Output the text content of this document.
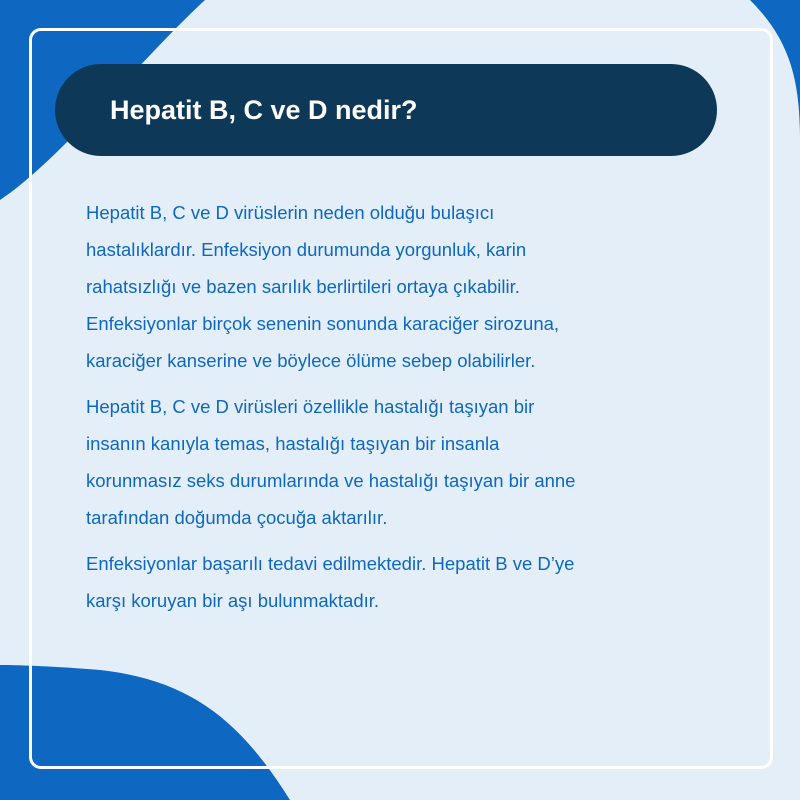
Hepatit B, C ve D nedir?
Hepatit B, C ve D virüslerin neden olduğu bulaşıcı
hastalıklardır. Enfeksiyon durumunda yorgunluk, karin
rahatsızlığı ve bazen sarılık berlirtileri ortaya çıkabilir.
Enfeksiyonlar birçok senenin sonunda karaciğer sirozuna,
karaciğer kanserine ve böylece ölüme sebep olabilirler.
Hepatit B, C ve D virüsleri özellikle hastalığı taşıyan bir
insanın kanıyla temas, hastalığı taşıyan bir insanla
korunmasız seks durumlarında ve hastalığı taşıyan bir anne
tarafından doğumda çocuğa aktarılır.
Enfeksiyonlar başarılı tedavi edilmektedir. Hepatit B ve D’ye
karşı koruyan bir aşı bulunmaktadır.
